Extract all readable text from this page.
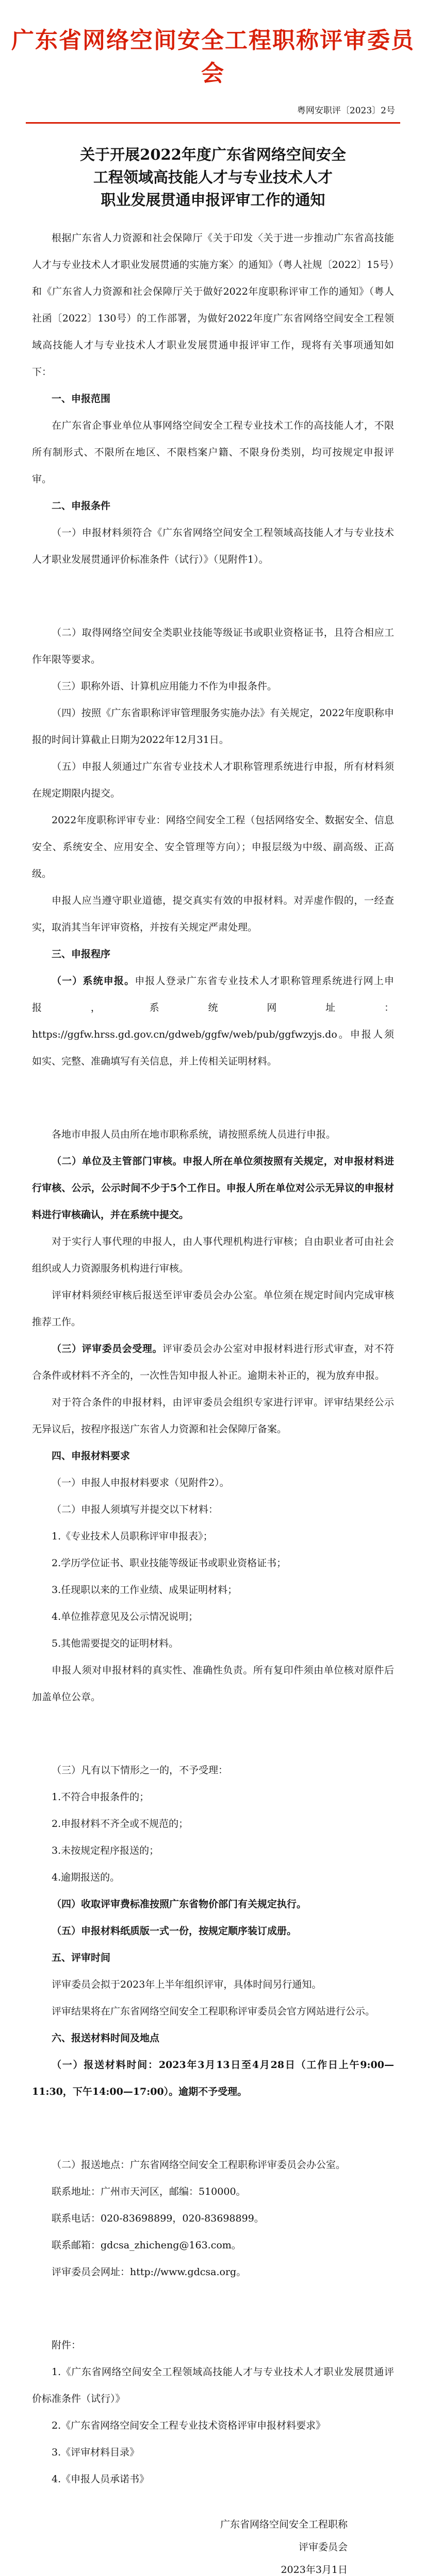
广东省网络空间安全工程职称评审委员会
粤网安职评〔2023〕2号
关于开展2022年度广东省网络空间安全
工程领域高技能人才与专业技术人才
职业发展贯通申报评审工作的通知

根据广东省人力资源和社会保障厅《关于印发〈关于进一步推动广东省高技能人才与专业技术人才职业发展贯通的实施方案〉的通知》（粤人社规〔2022〕15号）和《广东省人力资源和社会保障厅关于做好2022年度职称评审工作的通知》（粤人社函〔2022〕130号）的工作部署，为做好2022年度广东省网络空间安全工程领域高技能人才与专业技术人才职业发展贯通申报评审工作，现将有关事项通知如下：

一、申报范围

在广东省企事业单位从事网络空间安全工程专业技术工作的高技能人才，不限所有制形式、不限所在地区、不限档案户籍、不限身份类别，均可按规定申报评审。

二、申报条件

（一）申报材料须符合《广东省网络空间安全工程领域高技能人才与专业技术人才职业发展贯通评价标准条件（试行）》（见附件1）。

（二）取得网络空间安全类职业技能等级证书或职业资格证书，且符合相应工作年限等要求。

（三）职称外语、计算机应用能力不作为申报条件。

（四）按照《广东省职称评审管理服务实施办法》有关规定，2022年度职称申报的时间计算截止日期为2022年12月31日。

（五）申报人须通过广东省专业技术人才职称管理系统进行申报，所有材料须在规定期限内提交。

2022年度职称评审专业：网络空间安全工程（包括网络安全、数据安全、信息安全、系统安全、应用安全、安全管理等方向）；申报层级为中级、副高级、正高级。

申报人应当遵守职业道德，提交真实有效的申报材料。对弄虚作假的，一经查实，取消其当年评审资格，并按有关规定严肃处理。

三、申报程序

（一）系统申报。申报人登录广东省专业技术人才职称管理系统进行网上申报，系统网址：https://ggfw.hrss.gd.gov.cn/gdweb/ggfw/web/pub/ggfwzyjs.do。申报人须如实、完整、准确填写有关信息，并上传相关证明材料。

各地市申报人员由所在地市职称系统，请按照系统人员进行申报。

（二）单位及主管部门审核。申报人所在单位须按照有关规定，对申报材料进行审核、公示，公示时间不少于5个工作日。申报人所在单位对公示无异议的申报材料进行审核确认，并在系统中提交。

对于实行人事代理的申报人，由人事代理机构进行审核；自由职业者可由社会组织或人力资源服务机构进行审核。

评审材料须经审核后报送至评审委员会办公室。单位须在规定时间内完成审核推荐工作。

（三）评审委员会受理。评审委员会办公室对申报材料进行形式审查，对不符合条件或材料不齐全的，一次性告知申报人补正。逾期未补正的，视为放弃申报。

对于符合条件的申报材料，由评审委员会组织专家进行评审。评审结果经公示无异议后，按程序报送广东省人力资源和社会保障厅备案。

四、申报材料要求

（一）申报人申报材料要求（见附件2）。

（二）申报人须填写并提交以下材料：

1.《专业技术人员职称评审申报表》；

2.学历学位证书、职业技能等级证书或职业资格证书；

3.任现职以来的工作业绩、成果证明材料；

4.单位推荐意见及公示情况说明；

5.其他需要提交的证明材料。

申报人须对申报材料的真实性、准确性负责。所有复印件须由单位核对原件后加盖单位公章。

（三）凡有以下情形之一的，不予受理：

1.不符合申报条件的；

2.申报材料不齐全或不规范的；

3.未按规定程序报送的；

4.逾期报送的。

（四）收取评审费标准按照广东省物价部门有关规定执行。

（五）申报材料纸质版一式一份，按规定顺序装订成册。

五、评审时间

评审委员会拟于2023年上半年组织评审，具体时间另行通知。

评审结果将在广东省网络空间安全工程职称评审委员会官方网站进行公示。

六、报送材料时间及地点

（一）报送材料时间：2023年3月13日至4月28日（工作日上午9:00—11:30，下午14:00—17:00）。逾期不予受理。

（二）报送地点：广东省网络空间安全工程职称评审委员会办公室。

联系地址：广州市天河区，邮编：510000。

联系电话：020-83698899，020-83698899。

联系邮箱：gdcsa_zhicheng@163.com。

评审委员会网址：http://www.gdcsa.org。

附件：

1.《广东省网络空间安全工程领域高技能人才与专业技术人才职业发展贯通评价标准条件（试行）》

2.《广东省网络空间安全工程专业技术资格评审申报材料要求》

3.《评审材料目录》

4.《申报人员承诺书》

广东省网络空间安全工程职称
评审委员会
2023年3月1日
